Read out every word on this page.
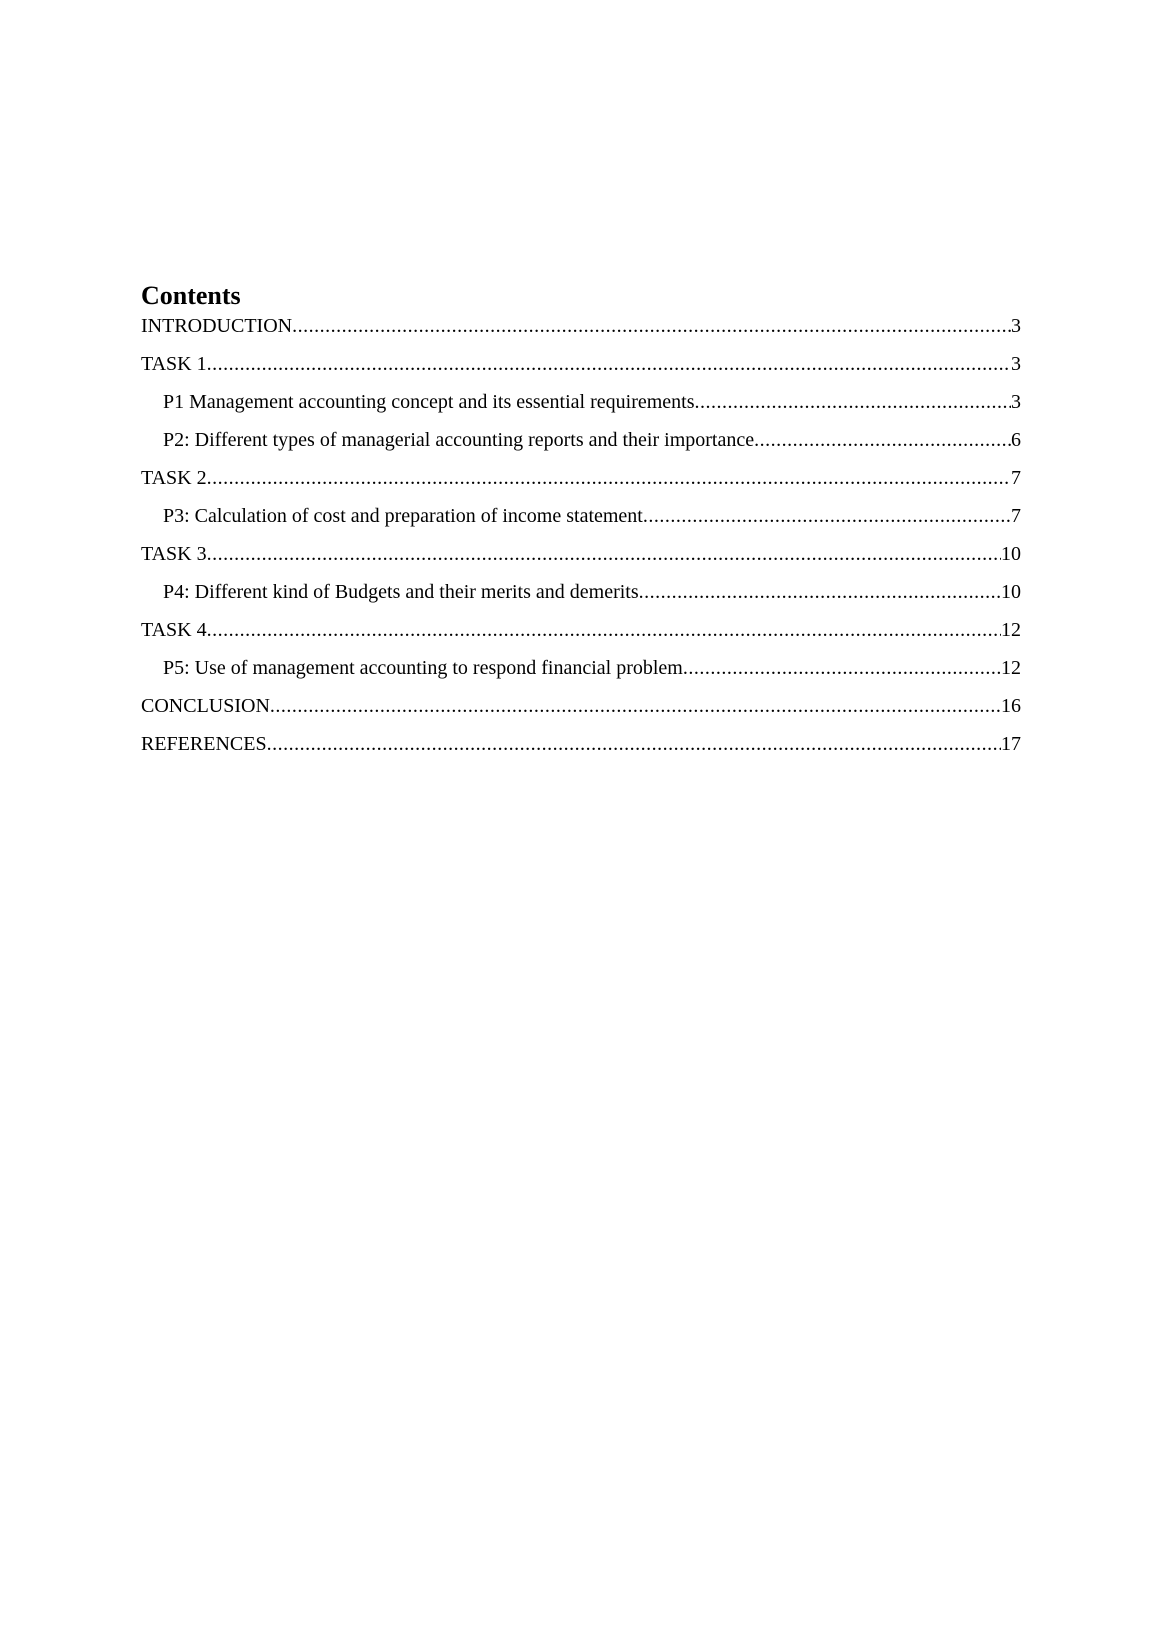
Contents
INTRODUCTION .....	3
TASK 1 .....	3
P1 Management accounting concept and its essential requirements .....	3
P2: Different types of managerial accounting reports and their importance .....	6
TASK 2 .....	7
P3: Calculation of cost and preparation of income statement .....	7
TASK 3 .....	10
P4: Different kind of Budgets and their merits and demerits .....	10
TASK 4 .....	12
P5: Use of management accounting to respond financial problem .....	12
CONCLUSION .....	16
REFERENCES .....	17
